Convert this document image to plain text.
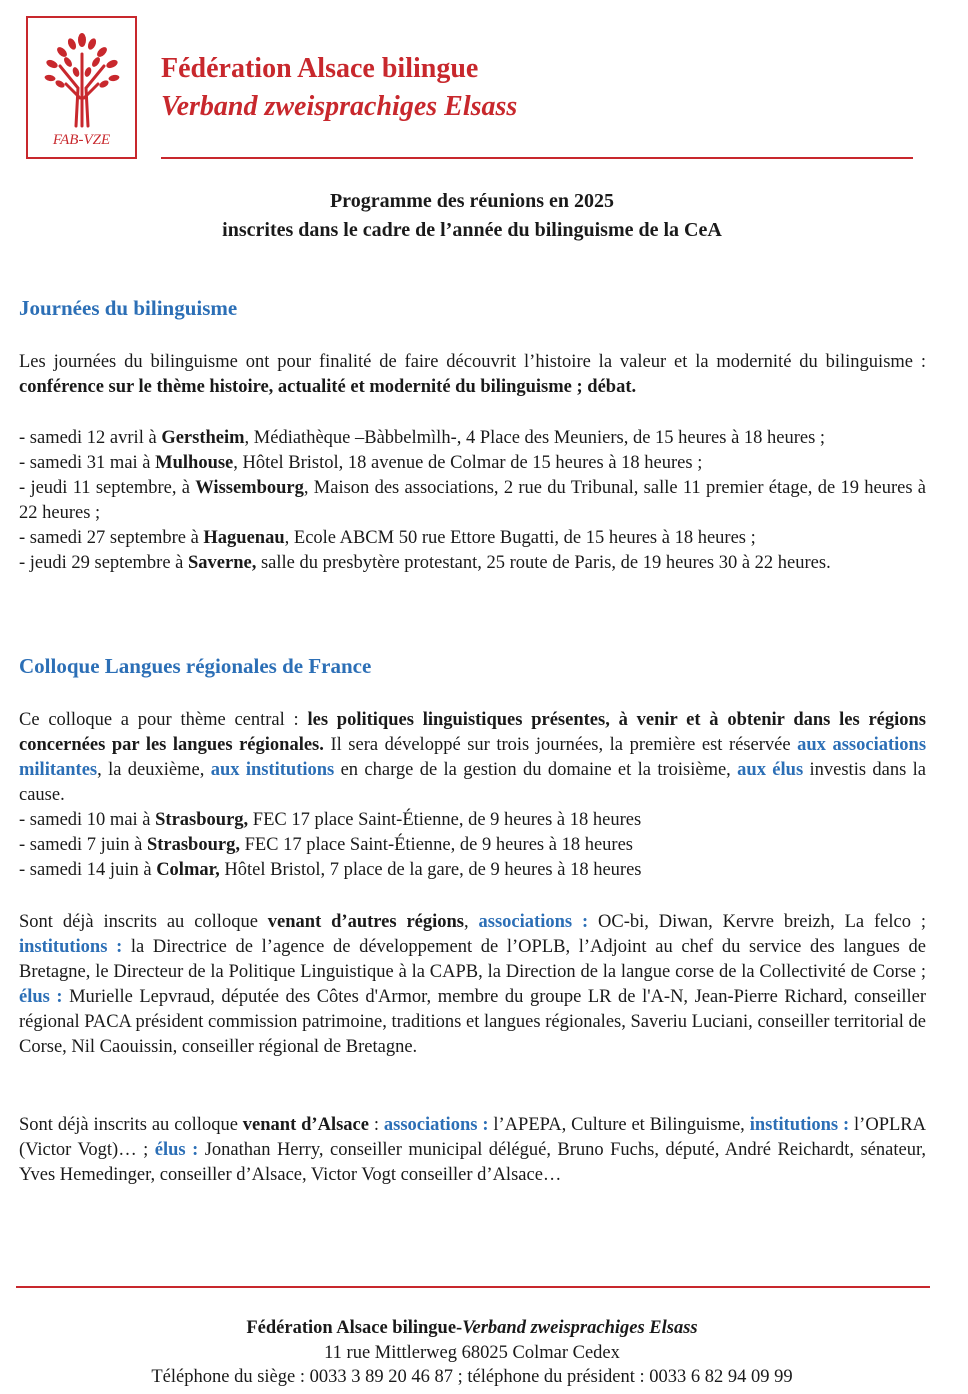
FAB-VZE
Fédération Alsace bilingue
Verband zweisprachiges Elsass
Programme des réunions en 2025
inscrites dans le cadre de l’année du bilinguisme de la CeA
Journées du bilinguisme
Les journées du bilinguisme ont pour finalité de faire découvrit l’histoire la valeur et la modernité du bilinguisme : conférence sur le thème histoire, actualité et modernité du bilinguisme ; débat.
- samedi 12 avril à Gerstheim, Médiathèque –Bàbbelmìlh-, 4 Place des Meuniers, de 15 heures à 18 heures ;
- samedi 31 mai à Mulhouse, Hôtel Bristol, 18 avenue de Colmar de 15 heures à 18 heures ;
- jeudi 11 septembre, à Wissembourg, Maison des associations, 2 rue du Tribunal, salle 11 premier étage, de 19 heures à 22 heures ;
- samedi 27 septembre à Haguenau, Ecole ABCM 50 rue Ettore Bugatti, de 15 heures à 18 heures ;
- jeudi 29 septembre à Saverne, salle du presbytère protestant, 25 route de Paris, de 19 heures 30 à 22 heures.
Colloque Langues régionales de France
Ce colloque a pour thème central : les politiques linguistiques présentes, à venir et à obtenir dans les régions concernées par les langues régionales. Il sera développé sur trois journées, la première est réservée aux associations militantes, la deuxième, aux institutions en charge de la gestion du domaine et la troisième, aux élus investis dans la cause.
- samedi 10 mai à Strasbourg, FEC 17 place Saint-Étienne, de 9 heures à 18 heures
- samedi 7 juin à Strasbourg, FEC 17 place Saint-Étienne, de 9 heures à 18 heures
- samedi 14 juin à Colmar, Hôtel Bristol, 7 place de la gare, de 9 heures à 18 heures
Sont déjà inscrits au colloque venant d’autres régions, associations : OC-bi, Diwan, Kervre breizh, La felco ; institutions : la Directrice de l’agence de développement de l’OPLB, l’Adjoint au chef du service des langues de Bretagne, le Directeur de la Politique Linguistique à la CAPB, la Direction de la langue corse de la Collectivité de Corse ; élus : Murielle Lepvraud, députée des Côtes d'Armor, membre du groupe LR de l'A-N, Jean-Pierre Richard, conseiller régional PACA président commission patrimoine, traditions et langues régionales, Saveriu Luciani, conseiller territorial de Corse, Nil Caouissin, conseiller régional de Bretagne.
Sont déjà inscrits au colloque venant d’Alsace : associations : l’APEPA, Culture et Bilinguisme, institutions : l’OPLRA (Victor Vogt)… ; élus : Jonathan Herry, conseiller municipal délégué, Bruno Fuchs, député, André Reichardt, sénateur, Yves Hemedinger, conseiller d’Alsace, Victor Vogt conseiller d’Alsace…
Fédération Alsace bilingue-Verband zweisprachiges Elsass
11 rue Mittlerweg 68025 Colmar Cedex
Téléphone du siège : 0033 3 89 20 46 87 ; téléphone du président : 0033 6 82 94 09 99
